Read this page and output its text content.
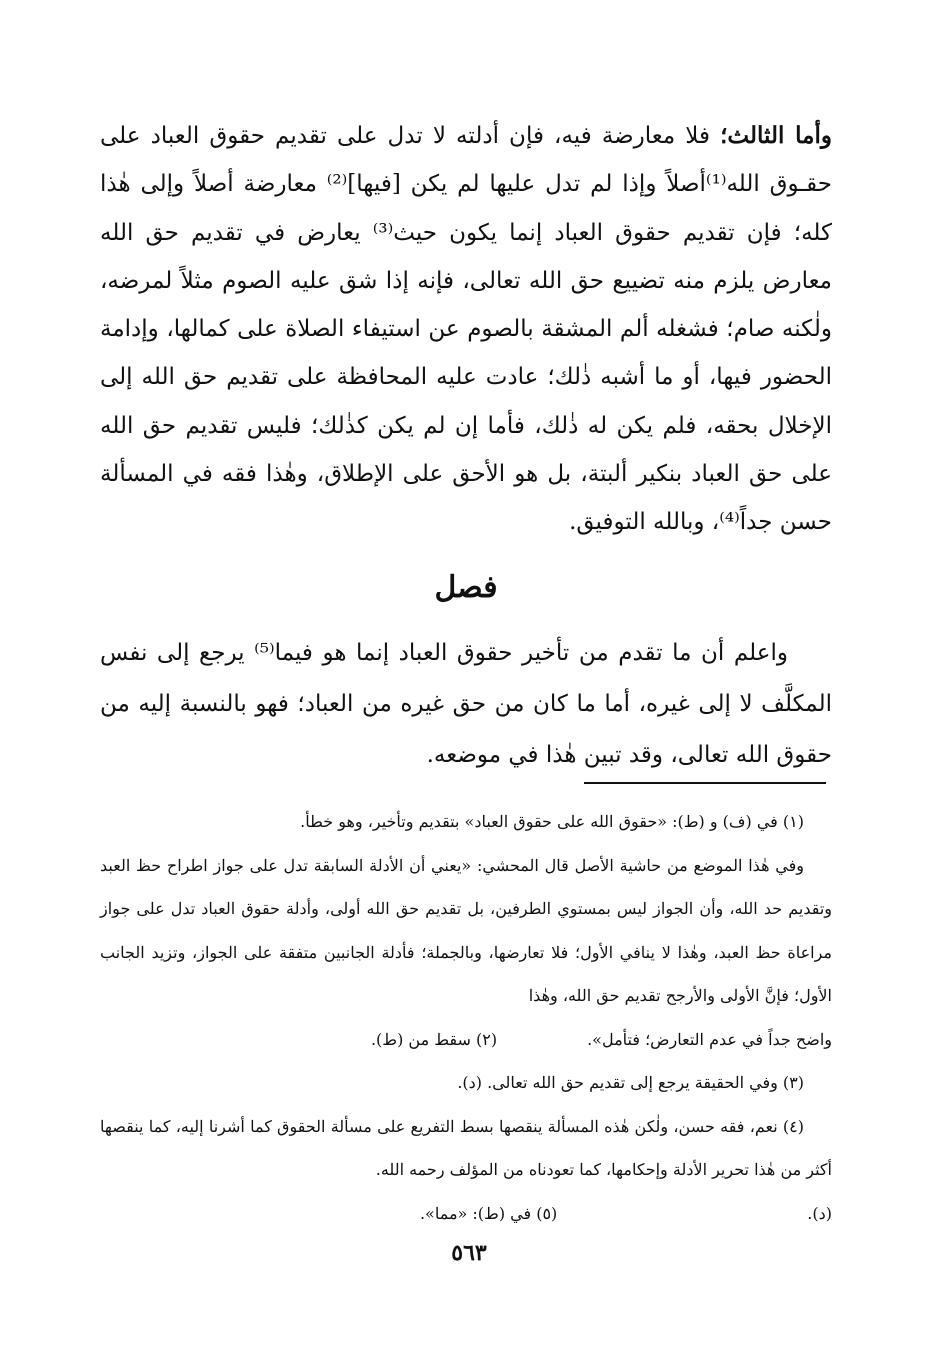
وأما الثالث؛ فلا معارضة فيه، فإن أدلته لا تدل على تقديم حقوق العباد على حقـوق الله⁽¹⁾أصلاً وإذا لم تدل عليها لم يكن [فيها]⁽²⁾ معارضة أصلاً وإلى هٰذا كله؛ فإن تقديم حقوق العباد إنما يكون حيث⁽³⁾ يعارض في تقديم حق الله معارض يلزم منه تضييع حق الله تعالى، فإنه إذا شق عليه الصوم مثلاً لمرضه، ولٰكنه صام؛ فشغله ألم المشقة بالصوم عن استيفاء الصلاة على كمالها، وإدامة الحضور فيها، أو ما أشبه ذٰلك؛ عادت عليه المحافظة على تقديم حق الله إلى الإخلال بحقه، فلم يكن له ذٰلك، فأما إن لم يكن كذٰلك؛ فليس تقديم حق الله على حق العباد بنكير ألبتة، بل هو الأحق على الإطلاق، وهٰذا فقه في المسألة حسن جداً⁽⁴⁾، وبالله التوفيق.

فصل

واعلم أن ما تقدم من تأخير حقوق العباد إنما هو فيما⁽⁵⁾ يرجع إلى نفس المكلَّف لا إلى غيره، أما ما كان من حق غيره من العباد؛ فهو بالنسبة إليه من حقوق الله تعالى، وقد تبين هٰذا في موضعه.

(١) في (ف) و (ط): «حقوق الله على حقوق العباد» بتقديم وتأخير، وهو خطأ.

وفي هٰذا الموضع من حاشية الأصل قال المحشي: «يعني أن الأدلة السابقة تدل على جواز اطراح حظ العبد وتقديم حد الله، وأن الجواز ليس بمستوي الطرفين، بل تقديم حق الله أولى، وأدلة حقوق العباد تدل على جواز مراعاة حظ العبد، وهٰذا لا ينافي الأول؛ فلا تعارضها، وبالجملة؛ فأدلة الجانبين متفقة على الجواز، وتزيد الجانب الأول؛ فإنَّ الأولى والأرجح تقديم حق الله، وهٰذا

واضح جداً في عدم التعارض؛ فتأمل».
(٢) سقط من (ط).

(٣) وفي الحقيقة يرجع إلى تقديم حق الله تعالى. (د).

(٤) نعم، فقه حسن، ولٰكن هٰذه المسألة ينقصها بسط التفريع على مسألة الحقوق كما أشرنا إليه، كما ينقصها أكثر من هٰذا تحرير الأدلة وإحكامها، كما تعودناه من المؤلف رحمه الله.

(د).
(٥) في (ط): «مما».
٥٦٣
